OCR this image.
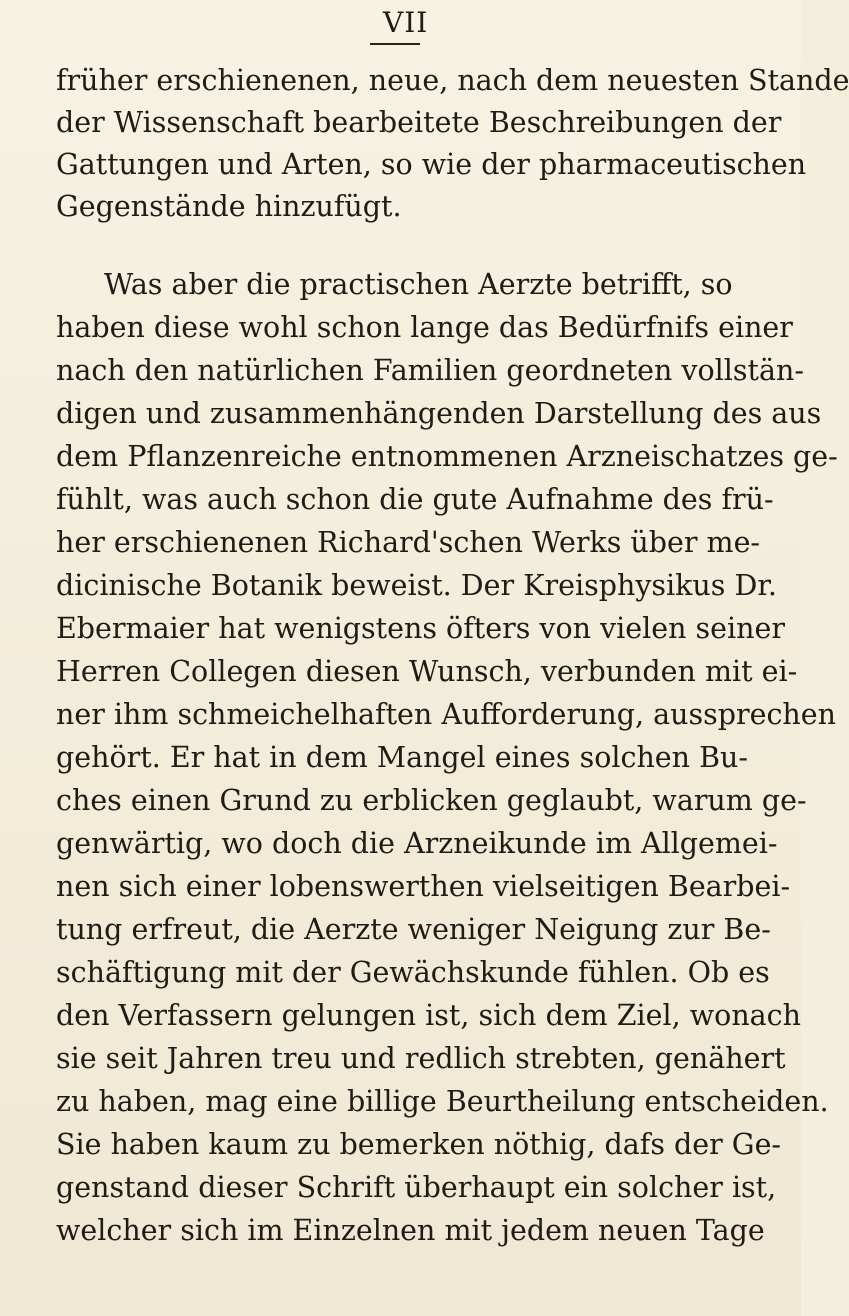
VII
früher erschienenen, neue, nach dem neuesten Stande
der Wissenschaft bearbeitete Beschreibungen der
Gattungen und Arten, so wie der pharmaceutischen
Gegenstände hinzufügt.
Was aber die practischen Aerzte betrifft, so
haben diese wohl schon lange das Bedürfnifs einer
nach den natürlichen Familien geordneten vollstän-
digen und zusammenhängenden Darstellung des aus
dem Pflanzenreiche entnommenen Arzneischatzes ge-
fühlt, was auch schon die gute Aufnahme des frü-
her erschienenen Richard'schen Werks über me-
dicinische Botanik beweist. Der Kreisphysikus Dr.
Ebermaier hat wenigstens öfters von vielen seiner
Herren Collegen diesen Wunsch, verbunden mit ei-
ner ihm schmeichelhaften Aufforderung, aussprechen
gehört. Er hat in dem Mangel eines solchen Bu-
ches einen Grund zu erblicken geglaubt, warum ge-
genwärtig, wo doch die Arzneikunde im Allgemei-
nen sich einer lobenswerthen vielseitigen Bearbei-
tung erfreut, die Aerzte weniger Neigung zur Be-
schäftigung mit der Gewächskunde fühlen. Ob es
den Verfassern gelungen ist, sich dem Ziel, wonach
sie seit Jahren treu und redlich strebten, genähert
zu haben, mag eine billige Beurtheilung entscheiden.
Sie haben kaum zu bemerken nöthig, dafs der Ge-
genstand dieser Schrift überhaupt ein solcher ist,
welcher sich im Einzelnen mit jedem neuen Tage
